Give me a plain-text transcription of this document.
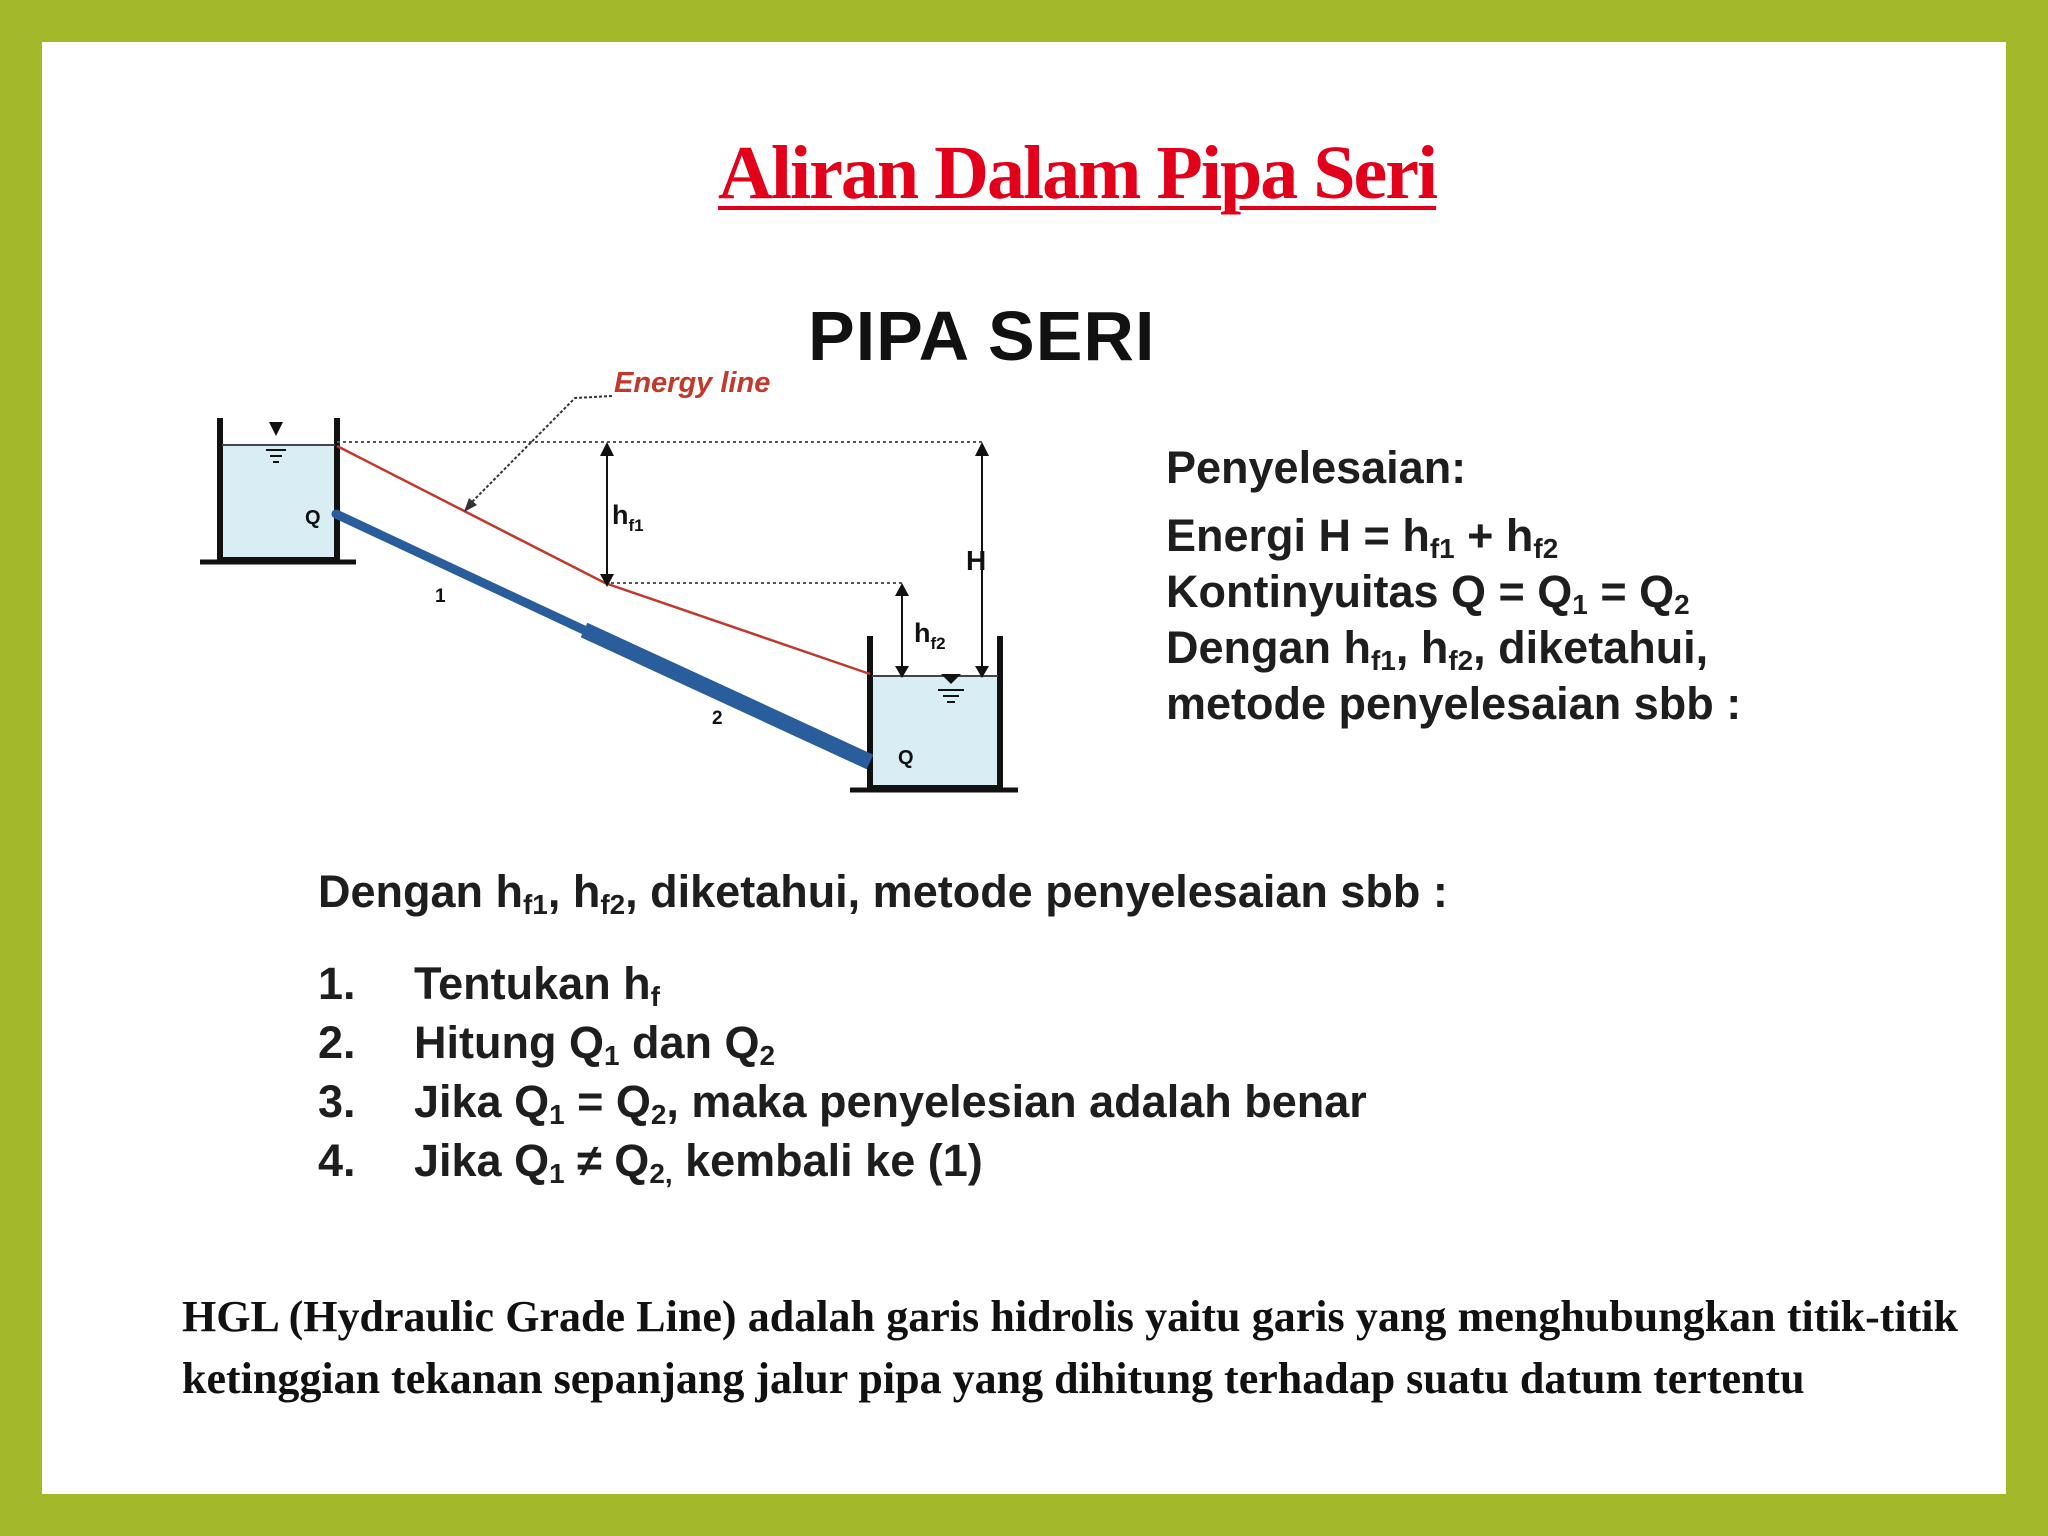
Aliran Dalam Pipa Seri
PIPA SERI
Q
Q
1
2
Energy line
$h_{f1}$
$h_{f2}$
H
Penyelesaian:
Energi $H = h_{f1} + h_{f2}$
Kontinyuitas $Q = Q_1 = Q_2$
Dengan $h_{f1}$, $h_{f2}$, diketahui,
metode penyelesaian sbb :
Dengan $h_{f1}$, $h_{f2}$, diketahui, metode penyelesaian sbb :
1. Tentukan $h_f$
2. Hitung $Q_1$ dan $Q_2$
3. Jika $Q_1 = Q_2$, maka penyelesian adalah benar
4. Jika $Q_1 \ne Q_{2,}$ kembali ke (1)
HGL (Hydraulic Grade Line) adalah garis hidrolis yaitu garis yang menghubungkan titik-titik ketinggian tekanan sepanjang jalur pipa yang dihitung terhadap suatu datum tertentu
